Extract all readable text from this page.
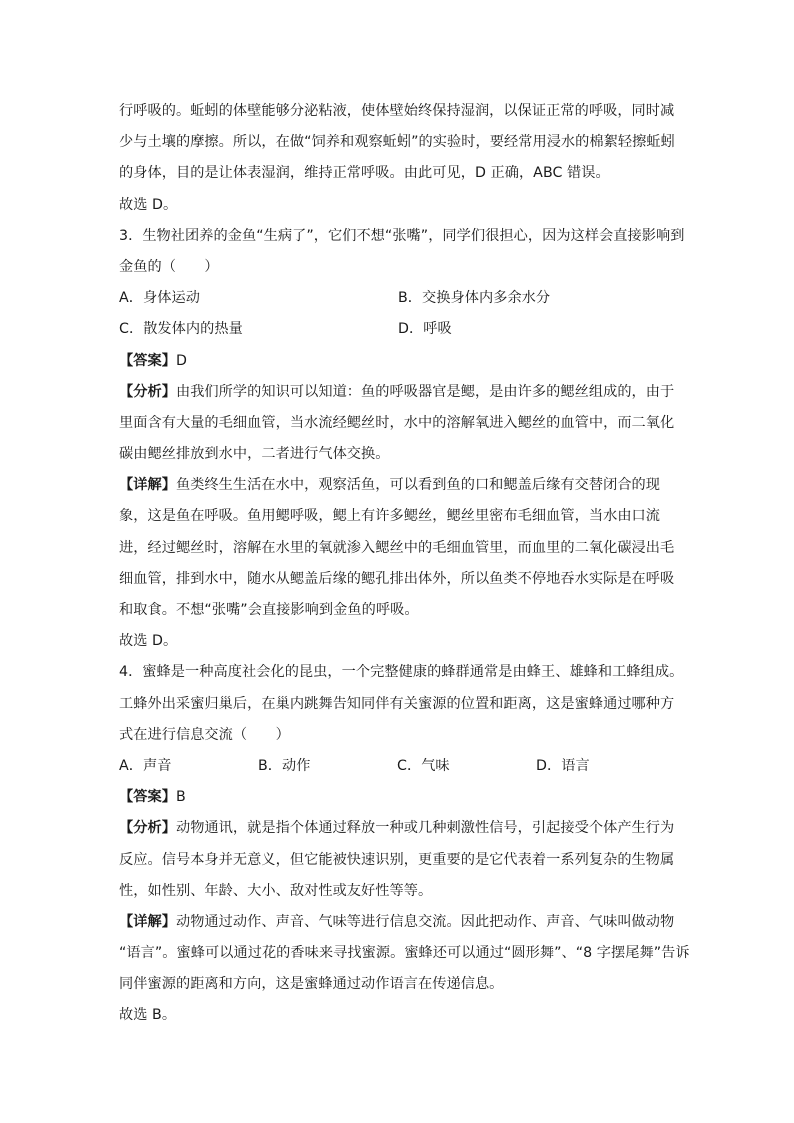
行呼吸的。蚯蚓的体壁能够分泌粘液，使体壁始终保持湿润，以保证正常的呼吸，同时减
少与土壤的摩擦。所以，在做“饲养和观察蚯蚓”的实验时，要经常用浸水的棉絮轻擦蚯蚓
的身体，目的是让体表湿润，维持正常呼吸。由此可见，D 正确，ABC 错误。
故选 D。
3．生物社团养的金鱼“生病了”，它们不想“张嘴”，同学们很担心，因为这样会直接影响到
金鱼的（　　）
A．身体运动	B．交换身体内多余水分
C．散发体内的热量	D．呼吸
【答案】D
【分析】由我们所学的知识可以知道：鱼的呼吸器官是鳃，是由许多的鳃丝组成的，由于
里面含有大量的毛细血管，当水流经鳃丝时，水中的溶解氧进入鳃丝的血管中，而二氧化
碳由鳃丝排放到水中，二者进行气体交换。
【详解】鱼类终生生活在水中，观察活鱼，可以看到鱼的口和鳃盖后缘有交替闭合的现
象，这是鱼在呼吸。鱼用鳃呼吸，鳃上有许多鳃丝，鳃丝里密布毛细血管，当水由口流
进，经过鳃丝时，溶解在水里的氧就渗入鳃丝中的毛细血管里，而血里的二氧化碳浸出毛
细血管，排到水中，随水从鳃盖后缘的鳃孔排出体外，所以鱼类不停地吞水实际是在呼吸
和取食。不想“张嘴”会直接影响到金鱼的呼吸。
故选 D。
4．蜜蜂是一种高度社会化的昆虫，一个完整健康的蜂群通常是由蜂王、雄蜂和工蜂组成。
工蜂外出采蜜归巢后，在巢内跳舞告知同伴有关蜜源的位置和距离，这是蜜蜂通过哪种方
式在进行信息交流（　　）
A．声音	B．动作	C．气味	D．语言
【答案】B
【分析】动物通讯，就是指个体通过释放一种或几种刺激性信号，引起接受个体产生行为
反应。信号本身并无意义，但它能被快速识别，更重要的是它代表着一系列复杂的生物属
性，如性别、年龄、大小、敌对性或友好性等等。
【详解】动物通过动作、声音、气味等进行信息交流。因此把动作、声音、气味叫做动物
“语言”。蜜蜂可以通过花的香味来寻找蜜源。蜜蜂还可以通过“圆形舞”、“8 字摆尾舞”告诉
同伴蜜源的距离和方向，这是蜜蜂通过动作语言在传递信息。
故选 B。
